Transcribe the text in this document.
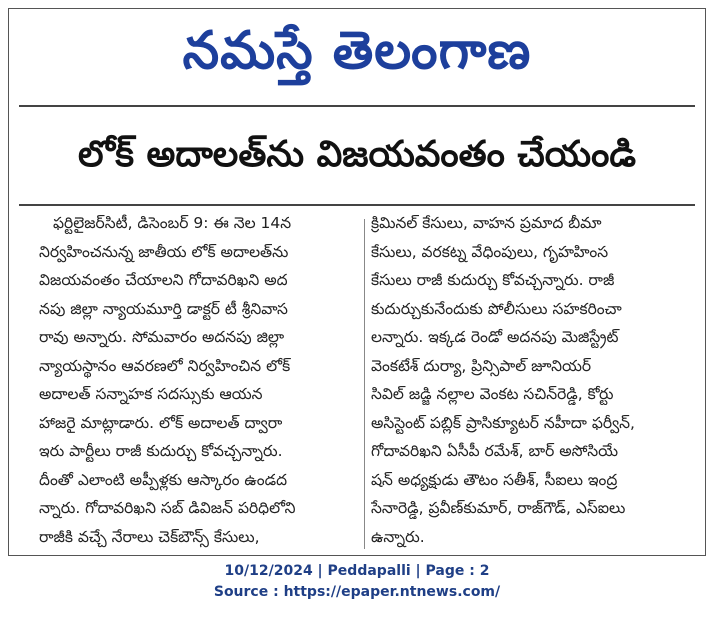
నమస్తే తెలంగాణ
లోక్ అదాలత్‌ను విజయవంతం చేయండి
ఫర్టిలైజర్‌సిటీ, డిసెంబర్ 9: ఈ నెల 14న
నిర్వహించనున్న జాతీయ లోక్ అదాలత్‌ను
విజయవంతం చేయాలని గోదావరిఖని అద
నపు జిల్లా న్యాయమూర్తి డాక్టర్ టీ శ్రీనివాస
రావు అన్నారు. సోమవారం అదనపు జిల్లా
న్యాయస్థానం ఆవరణలో నిర్వహించిన లోక్
అదాలత్ సన్నాహక సదస్సుకు ఆయన
హాజరై మాట్లాడారు. లోక్ అదాలత్ ద్వారా
ఇరు పార్టీలు రాజీ కుదుర్చు కోవచ్చన్నారు.
దీంతో ఎలాంటి అప్పీళ్లకు ఆస్కారం ఉండద
న్నారు. గోదావరిఖని సబ్ డివిజన్ పరిధిలోని
రాజీకి వచ్చే నేరాలు చెక్‌బౌన్స్ కేసులు,
క్రిమినల్ కేసులు, వాహన ప్రమాద బీమా
కేసులు, వరకట్న వేధింపులు, గృహహింస
కేసులు రాజీ కుదుర్చు కోవచ్చన్నారు. రాజీ
కుదుర్చుకునేందుకు పోలీసులు సహకరించా
లన్నారు. ఇక్కడ రెండో అదనపు మెజిస్ట్రేట్
వెంకటేశ్ దుర్యా, ప్రిన్సిపాల్ జూనియర్
సివిల్ జడ్జి నల్లాల వెంకట సచిన్‌రెడ్డి, కోర్టు
అసిస్టెంట్ పబ్లిక్ ప్రాసిక్యూటర్ నహీదా ఫర్వీన్,
గోదావరిఖని ఏసీపీ రమేశ్, బార్ అసోసియే
షన్ అధ్యక్షుడు తౌటం సతీశ్, సీఐలు ఇంద్ర
సేనారెడ్డి, ప్రవీణ్‌కుమార్, రాజ్‌గౌడ్, ఎస్ఐలు
ఉన్నారు.
10/12/2024 | Peddapalli | Page : 2
Source : https://epaper.ntnews.com/
